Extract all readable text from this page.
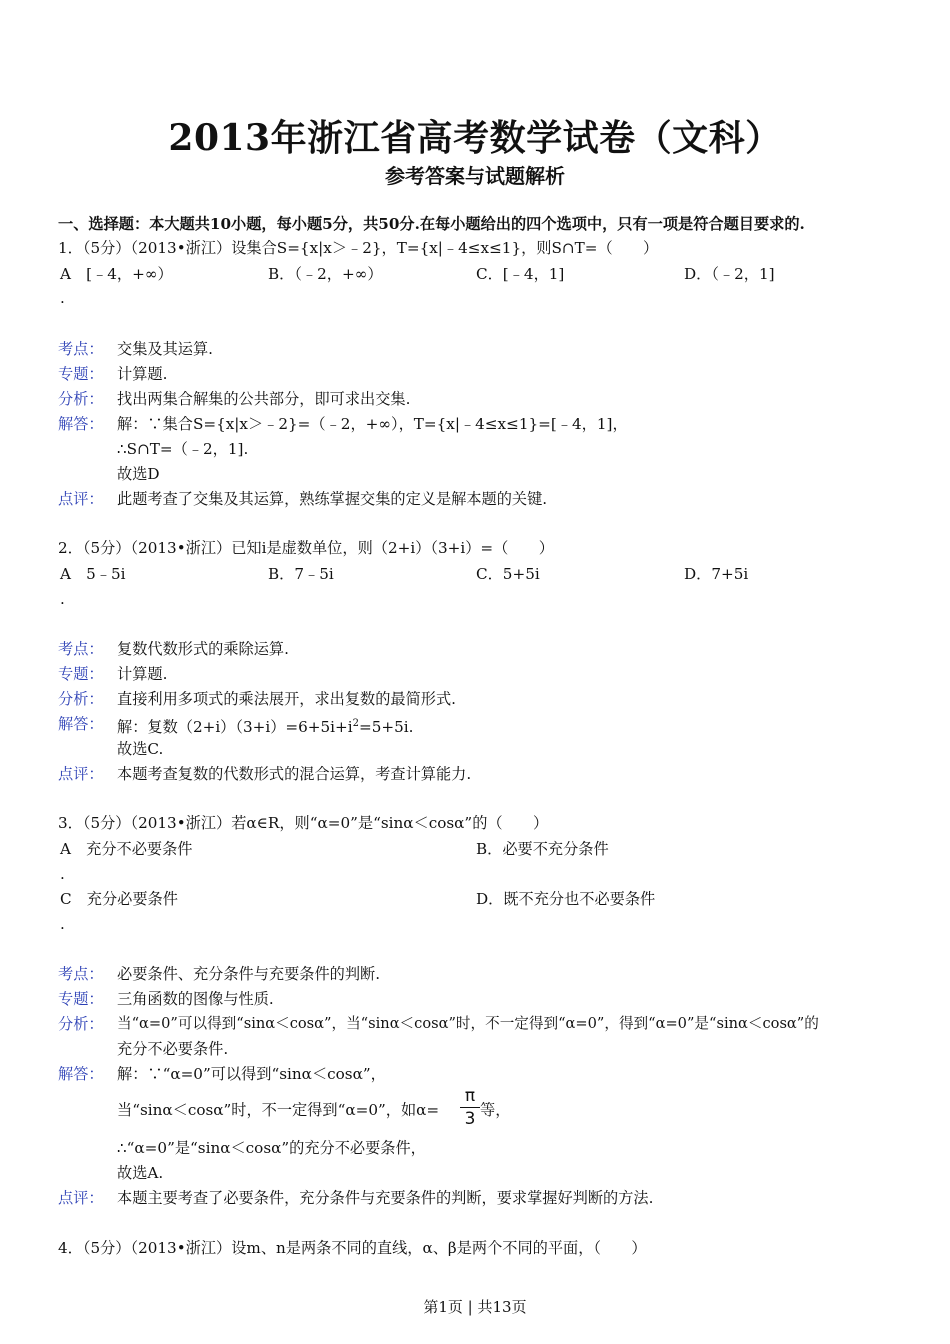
2013年浙江省高考数学试卷（文科）
参考答案与试题解析
一、选择题：本大题共10小题，每小题5分，共50分.在每小题给出的四个选项中，只有一项是符合题目要求的.
1．（5分）（2013•浙江）设集合S={x|x＞﹣2}，T={x|﹣4≤x≤1}，则S∩T=（　　）
A　[﹣4，+∞）	B．（﹣2，+∞）	C．[﹣4，1]	D．（﹣2，1]
.
考点： 交集及其运算.
专题： 计算题.
分析： 找出两集合解集的公共部分，即可求出交集.
解答： 解：∵集合S={x|x＞﹣2}=（﹣2，+∞），T={x|﹣4≤x≤1}=[﹣4，1]，
∴S∩T=（﹣2，1].
故选D
点评： 此题考查了交集及其运算，熟练掌握交集的定义是解本题的关键.
2．（5分）（2013•浙江）已知i是虚数单位，则（2+i）（3+i）=（　　）
A　5﹣5i	B．7﹣5i	C．5+5i	D．7+5i
.
考点： 复数代数形式的乘除运算.
专题： 计算题.
分析： 直接利用多项式的乘法展开，求出复数的最简形式.
解答： 解：复数$(2+i)(3+i)=6+5i+i^2=5+5i$.
故选C.
点评： 本题考查复数的代数形式的混合运算，考查计算能力.
3．（5分）（2013•浙江）若α∈R，则“α=0”是“sinα＜cosα”的（　　）
A　充分不必要条件	B．必要不充分条件
.
C　充分必要条件	D．既不充分也不必要条件
.
考点： 必要条件、充分条件与充要条件的判断.
专题： 三角函数的图像与性质.
分析： 当“α=0”可以得到“sinα＜cosα”，当“sinα＜cosα”时，不一定得到“α=0”，得到“α=0”是“sinα＜cosα”的
充分不必要条件.
解答： 解：∵“α=0”可以得到“sinα＜cosα”，
当“sinα＜cosα”时，不一定得到“α=0”，如α=
π
3 等，
∴“α=0”是“sinα＜cosα”的充分不必要条件，
故选A.
点评： 本题主要考查了必要条件，充分条件与充要条件的判断，要求掌握好判断的方法.
4．（5分）（2013•浙江）设m、n是两条不同的直线，α、β是两个不同的平面，（　　）
第1页 | 共13页
